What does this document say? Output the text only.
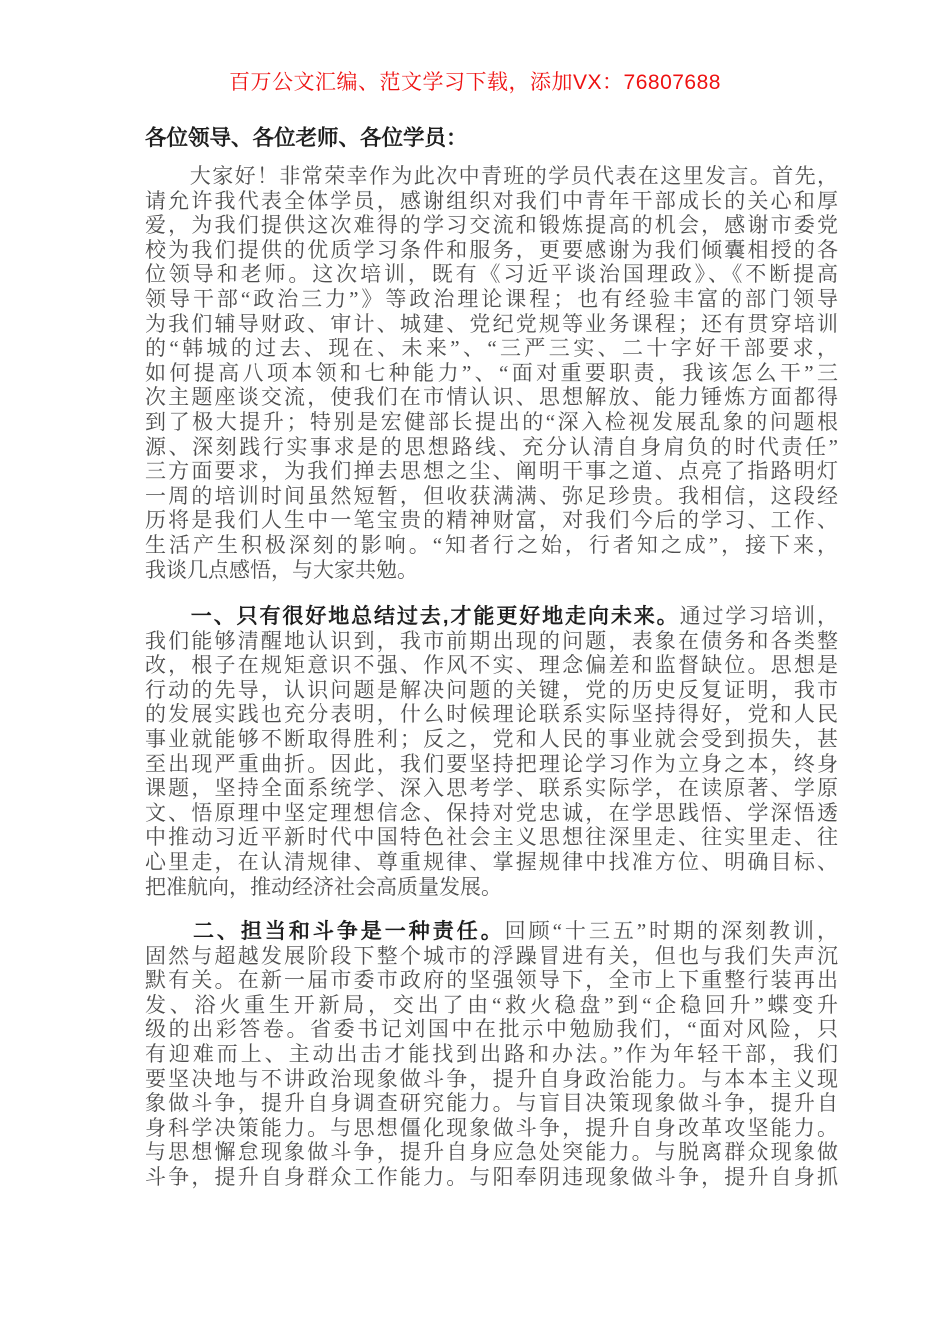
百万公文汇编、范文学习下载，添加VX：76807688
各位领导、各位老师、各位学员：
　　大家好！非常荣幸作为此次中青班的学员代表在这里发言。首先，
请允许我代表全体学员，感谢组织对我们中青年干部成长的关心和厚
爱，为我们提供这次难得的学习交流和锻炼提高的机会，感谢市委党
校为我们提供的优质学习条件和服务，更要感谢为我们倾囊相授的各
位领导和老师。这次培训，既有《习近平谈治国理政》、《不断提高
领导干部“政治三力”》等政治理论课程；也有经验丰富的部门领导
为我们辅导财政、审计、城建、党纪党规等业务课程；还有贯穿培训
的“韩城的过去、现在、未来”、“三严三实、二十字好干部要求，
如何提高八项本领和七种能力”、“面对重要职责，我该怎么干”三
次主题座谈交流，使我们在市情认识、思想解放、能力锤炼方面都得
到了极大提升；特别是宏健部长提出的“深入检视发展乱象的问题根
源、深刻践行实事求是的思想路线、充分认清自身肩负的时代责任”
三方面要求，为我们掸去思想之尘、阐明干事之道、点亮了指路明灯
一周的培训时间虽然短暂，但收获满满、弥足珍贵。我相信，这段经
历将是我们人生中一笔宝贵的精神财富，对我们今后的学习、工作、
生活产生积极深刻的影响。“知者行之始，行者知之成”，接下来，
我谈几点感悟，与大家共勉。
　　一、只有很好地总结过去,才能更好地走向未来。通过学习培训，
我们能够清醒地认识到，我市前期出现的问题，表象在债务和各类整
改，根子在规矩意识不强、作风不实、理念偏差和监督缺位。思想是
行动的先导，认识问题是解决问题的关键，党的历史反复证明，我市
的发展实践也充分表明，什么时候理论联系实际坚持得好，党和人民
事业就能够不断取得胜利；反之，党和人民的事业就会受到损失，甚
至出现严重曲折。因此，我们要坚持把理论学习作为立身之本，终身
课题，坚持全面系统学、深入思考学、联系实际学，在读原著、学原
文、悟原理中坚定理想信念、保持对党忠诚，在学思践悟、学深悟透
中推动习近平新时代中国特色社会主义思想往深里走、往实里走、往
心里走，在认清规律、尊重规律、掌握规律中找准方位、明确目标、
把准航向，推动经济社会高质量发展。
　　二、担当和斗争是一种责任。回顾“十三五”时期的深刻教训，
固然与超越发展阶段下整个城市的浮躁冒进有关，但也与我们失声沉
默有关。在新一届市委市政府的坚强领导下，全市上下重整行装再出
发、浴火重生开新局，交出了由“救火稳盘”到“企稳回升”蝶变升
级的出彩答卷。省委书记刘国中在批示中勉励我们，“面对风险，只
有迎难而上、主动出击才能找到出路和办法。”作为年轻干部，我们
要坚决地与不讲政治现象做斗争，提升自身政治能力。与本本主义现
象做斗争，提升自身调查研究能力。与盲目决策现象做斗争，提升自
身科学决策能力。与思想僵化现象做斗争，提升自身改革攻坚能力。
与思想懈怠现象做斗争，提升自身应急处突能力。与脱离群众现象做
斗争，提升自身群众工作能力。与阳奉阴违现象做斗争，提升自身抓
